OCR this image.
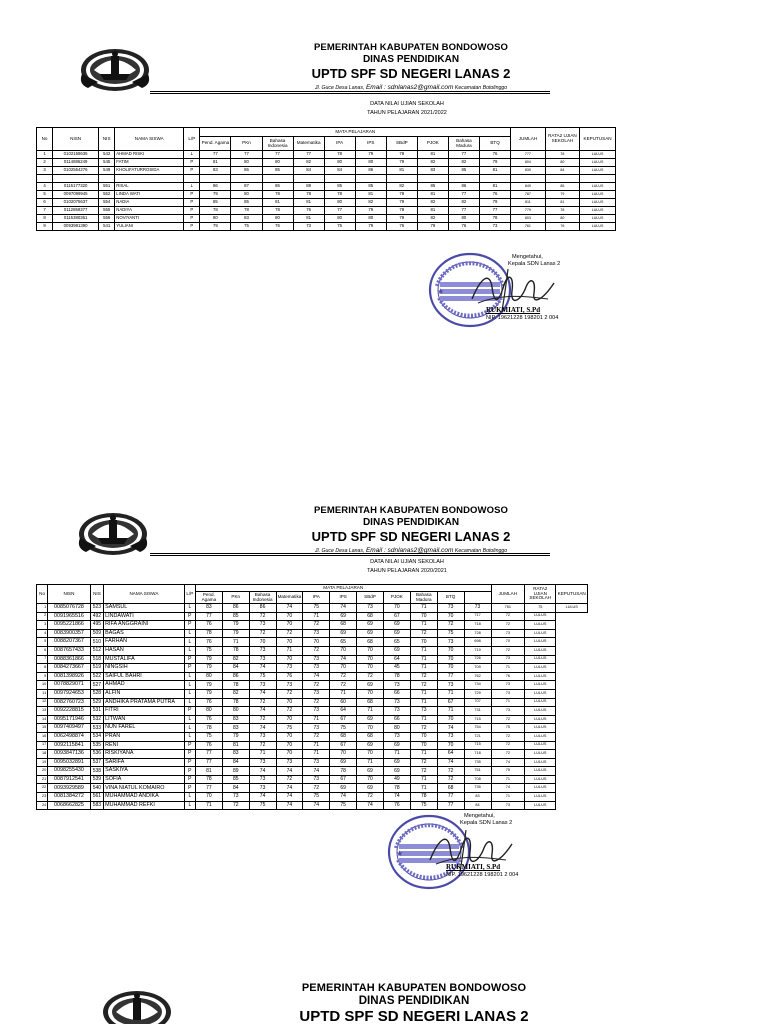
PEMERINTAH KABUPATEN BONDOWOSO
DINAS PENDIDIKAN
UPTD SPF SD NEGERI LANAS 2
Jl. Guce Desa Lanas, Email : sdnlanas2@gmail.com Kecamatan Botolinggo
DATA NILAI UJIAN SEKOLAH
TAHUN PELAJARAN 2021/2022
No	NISN	NIS	NAMA SISWA	L/P	MATA PELAJARAN										JUMLAH	RATA2 UJIAN SEKOLAH	KEPUTUSAN
					Pend. Agama	PKn	Bahasa Indonesia	Matematika	IPA	IPS	SBdP	PJOK	Bahasa Madura	BTQ			
1	0102158635	542	AHMAD RISKI	L	77	77	77	77	78	79	78	81	77	76	777	78	LULUS
2	0114886249	545	FATIM	P	81	80	80	82	80	80	79	82	82	79	804	80	LULUS
3	0102554276	549	KHOLIFATURROSIDA	P	83	86	85	84	84	86	81	83	85	81	839	84	LULUS

4	0115177320	551	RISAL	L	86	87	86	88	85	85	82	85	86	81	849	85	LULUS
5	0097099945	552	LINDA WATI	P	79	80	78	78	78	81	78	81	77	76	787	79	LULUS
6	0102075637	554	NADIA	P	85	85	81	81	80	82	79	82	82	79	811	81	LULUS
7	0112859377	555	NADIYA	P	78	78	78	76	77	79	78	81	77	77	779	78	LULUS
8	0115380361	556	NOVIYANTI	P	80	83	80	81	80	80	79	82	80	78	803	80	LULUS
9	0093981390	541	YULIANI	P	79	75	76	73	75	79	76	79	76	73	761	76	LULUS
★
Mengetahui,
Kepala SDN Lanas 2
RUKMIATI, S.Pd
NIP. 19621228 198201 2 004
PEMERINTAH KABUPATEN BONDOWOSO
DINAS PENDIDIKAN
UPTD SPF SD NEGERI LANAS 2
Jl. Guce Desa Lanas, Email : sdnlanas2@gmail.com Kecamatan Botolinggo
DATA NILAI UJIAN SEKOLAH
TAHUN PELAJARAN 2020/2021
No	NISN	NIS	NAMA SISWA	L/P	MATA PELAJARAN											JUMLAH	RATA2 UJIAN SEKOLAH	KEPUTUSAN
					Pend. Agama	PKn	Bahasa Indonesia	Matematika	IPA	IPS	SBdP	PJOK	Bahasa Madura	BTQ				
1	0085076728	523	SAMSUL	L	83	86	86	74	75	74	73	70	71	73	73	751	75	LULUS
2	0091965516	492	LINDAWATI	P	77	85	72	70	71	69	68	67	70	70	717	72	LULUS	
3	0095221866	495	RIFA ANGGRAINI	P	76	79	73	70	72	68	69	69	71	72	718	72	LULUS	
4	0083900357	509	BAGAS	L	78	79	72	72	73	69	69	69	72	75	728	73	LULUS	
5	0088207367	510	FARHAN	L	76	71	70	70	70	65	68	65	70	73	698	70	LULUS	
6	0087657433	512	HASAN	L	75	78	73	71	72	70	70	69	71	70	719	72	LULUS	
7	0088361866	518	MUSTALIFA	P	79	82	73	70	73	74	70	64	71	70	726	73	LULUS	
8	0084273667	519	NINGSIH	P	79	84	74	73	73	70	70	45	71	70	709	71	LULUS	
9	0081398926	522	SAIFUL BAHRI	L	80	86	75	76	74	72	72	78	72	77	762	76	LULUS	
10	0078829071	527	AHMAD	L	79	78	73	73	72	72	69	73	72	73	734	73	LULUS	
11	0097924653	528	ALFIN	L	79	82	74	72	73	71	70	66	71	71	729	73	LULUS	
12	0082760723	529	ANDHIKA PRATAMA PUTRA	L	76	78	72	70	72	60	68	73	71	67	707	71	LULUS	
13	0092228815	531	FITRI	P	80	80	74	72	73	64	71	73	73	71	731	73	LULUS	
14	0095171946	532	LITWAN	L	76	83	72	70	71	67	69	66	71	70	715	72	LULUS	
15	0097409497	533	NUN FAREL	L	78	83	74	75	73	75	70	80	72	74	754	75	LULUS	
16	0062498874	534	PRAN	L	75	79	73	70	72	68	68	73	70	73	721	72	LULUS	
17	0092115841	535	RENI	P	76	81	72	70	71	67	69	69	70	70	715	72	LULUS	
18	0093847136	536	RISKIYANA	P	77	83	71	70	71	70	70	71	71	64	718	72	LULUS	
19	0095032891	537	SARIFA	P	77	84	73	73	73	69	71	69	72	74	735	74	LULUS	
20	0098255430	538	SASKIYA	P	81	89	74	74	74	78	69	69	72	72	751	75	LULUS	
21	0087912541	539	SOFIA	P	78	85	73	72	73	67	70	49	71	72	708	71	LULUS	
22	0093929589	540	VINA NIATUL KOMAIRO	P	77	84	73	74	72	69	69	78	71	68	735	74	LULUS	
23	0081384272	561	MUHAMMAD ANDIKA	L	70	73	74	74	75	74	72	74	78	77	83	71	LULUS	
24	0068662825	583	MUHAMMAD REFKI	L	71	72	75	74	74	75	74	76	75	77	84	73	LULUS	
★
Mengetahui,
Kepala SDN Lanas 2
RUKMIATI, S.Pd
NIP. 19621228 198201 2 004
PEMERINTAH KABUPATEN BONDOWOSO
DINAS PENDIDIKAN
UPTD SPF SD NEGERI LANAS 2
